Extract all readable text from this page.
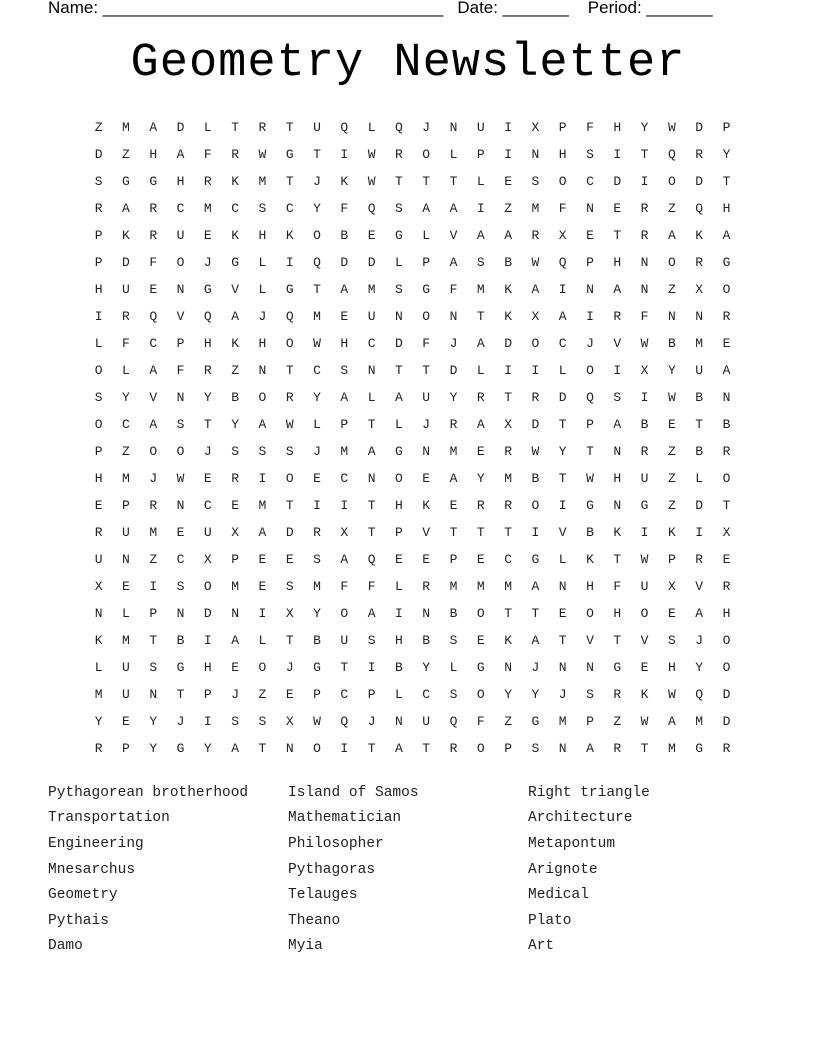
Name: ____________________________________ Date: _______ Period: _______
Geometry Newsletter
Z	M	A	D	L	T	R	T	U	Q	L	Q	J	N	U	I	X	P	F	H	Y	W	D	P
D	Z	H	A	F	R	W	G	T	I	W	R	O	L	P	I	N	H	S	I	T	Q	R	Y
S	G	G	H	R	K	M	T	J	K	W	T	T	T	L	E	S	O	C	D	I	O	D	T
R	A	R	C	M	C	S	C	Y	F	Q	S	A	A	I	Z	M	F	N	E	R	Z	Q	H
P	K	R	U	E	K	H	K	O	B	E	G	L	V	A	A	R	X	E	T	R	A	K	A
P	D	F	O	J	G	L	I	Q	D	D	L	P	A	S	B	W	Q	P	H	N	O	R	G
H	U	E	N	G	V	L	G	T	A	M	S	G	F	M	K	A	I	N	A	N	Z	X	O
I	R	Q	V	Q	A	J	Q	M	E	U	N	O	N	T	K	X	A	I	R	F	N	N	R
L	F	C	P	H	K	H	O	W	H	C	D	F	J	A	D	O	C	J	V	W	B	M	E
O	L	A	F	R	Z	N	T	C	S	N	T	T	D	L	I	I	L	O	I	X	Y	U	A
S	Y	V	N	Y	B	O	R	Y	A	L	A	U	Y	R	T	R	D	Q	S	I	W	B	N
O	C	A	S	T	Y	A	W	L	P	T	L	J	R	A	X	D	T	P	A	B	E	T	B
P	Z	O	O	J	S	S	S	J	M	A	G	N	M	E	R	W	Y	T	N	R	Z	B	R
H	M	J	W	E	R	I	O	E	C	N	O	E	A	Y	M	B	T	W	H	U	Z	L	O
E	P	R	N	C	E	M	T	I	I	T	H	K	E	R	R	O	I	G	N	G	Z	D	T
R	U	M	E	U	X	A	D	R	X	T	P	V	T	T	T	I	V	B	K	I	K	I	X
U	N	Z	C	X	P	E	E	S	A	Q	E	E	P	E	C	G	L	K	T	W	P	R	E
X	E	I	S	O	M	E	S	M	F	F	L	R	M	M	M	A	N	H	F	U	X	V	R
N	L	P	N	D	N	I	X	Y	O	A	I	N	B	O	T	T	E	O	H	O	E	A	H
K	M	T	B	I	A	L	T	B	U	S	H	B	S	E	K	A	T	V	T	V	S	J	O
L	U	S	G	H	E	O	J	G	T	I	B	Y	L	G	N	J	N	N	G	E	H	Y	O
M	U	N	T	P	J	Z	E	P	C	P	L	C	S	O	Y	Y	J	S	R	K	W	Q	D
Y	E	Y	J	I	S	S	X	W	Q	J	N	U	Q	F	Z	G	M	P	Z	W	A	M	D
R	P	Y	G	Y	A	T	N	O	I	T	A	T	R	O	P	S	N	A	R	T	M	G	R
Pythagorean brotherhood	Island of Samos	Right triangle
Transportation	Mathematician	Architecture
Engineering	Philosopher	Metapontum
Mnesarchus	Pythagoras	Arignote
Geometry	Telauges	Medical
Pythais	Theano	Plato
Damo	Myia	Art
